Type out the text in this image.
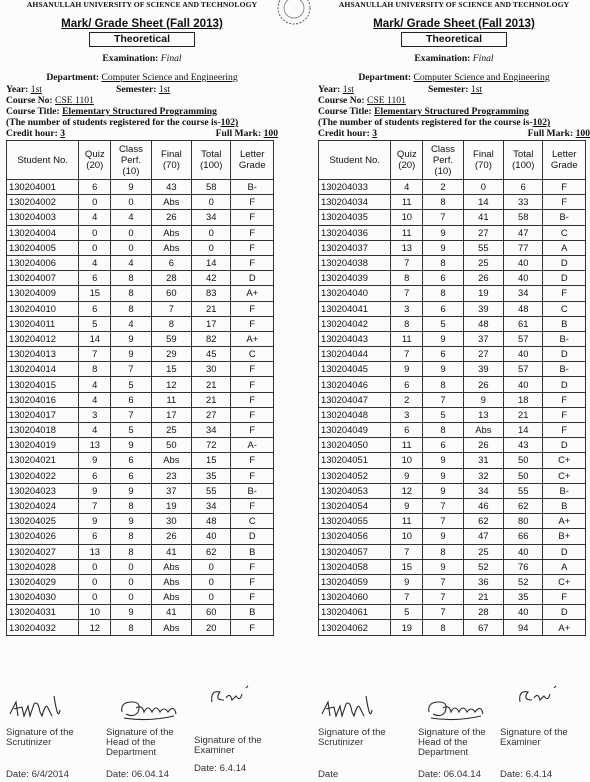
AHSANULLAH UNIVERSITY OF SCIENCE AND TECHNOLOGY
Mark/ Grade Sheet (Fall 2013)
Theoretical
Examination: Final
Department: Computer Science and Engineering
Year: 1st	Semester: 1st
Course No: CSE 1101
Course Title: Elementary Structured Programming
(The number of students registered for the course is-102)
Credit hour: 3	Full Mark: 100
Student No.	Quiz (20)	Class Perf. (10)	Final (70)	Total (100)	Letter Grade
130204001	6	9	43	58	B-
130204002	0	0	Abs	0	F
130204003	4	4	26	34	F
130204004	0	0	Abs	0	F
130204005	0	0	Abs	0	F
130204006	4	4	6	14	F
130204007	6	8	28	42	D
130204009	15	8	60	83	A+
130204010	6	8	7	21	F
130204011	5	4	8	17	F
130204012	14	9	59	82	A+
130204013	7	9	29	45	C
130204014	8	7	15	30	F
130204015	4	5	12	21	F
130204016	4	6	11	21	F
130204017	3	7	17	27	F
130204018	4	5	25	34	F
130204019	13	9	50	72	A-
130204021	9	6	Abs	15	F
130204022	6	6	23	35	F
130204023	9	9	37	55	B-
130204024	7	8	19	34	F
130204025	9	9	30	48	C
130204026	6	8	26	40	D
130204027	13	8	41	62	B
130204028	0	0	Abs	0	F
130204029	0	0	Abs	0	F
130204030	0	0	Abs	0	F
130204031	10	9	41	60	B
130204032	12	8	Abs	20	F
AHSANULLAH UNIVERSITY OF SCIENCE AND TECHNOLOGY
Mark/ Grade Sheet (Fall 2013)
Theoretical
Examination: Final
Department: Computer Science and Engineering
Year: 1st	Semester: 1st
Course No: CSE 1101
Course Title: Elementary Structured Programming
(The number of students registered for the course is-102)
Credit hour: 3	Full Mark: 100
Student No.	Quiz (20)	Class Perf. (10)	Final (70)	Total (100)	Letter Grade
130204033	4	2	0	6	F
130204034	11	8	14	33	F
130204035	10	7	41	58	B-
130204036	11	9	27	47	C
130204037	13	9	55	77	A
130204038	7	8	25	40	D
130204039	8	6	26	40	D
130204040	7	8	19	34	F
130204041	3	6	39	48	C
130204042	8	5	48	61	B
130204043	11	9	37	57	B-
130204044	7	6	27	40	D
130204045	9	9	39	57	B-
130204046	6	8	26	40	D
130204047	2	7	9	18	F
130204048	3	5	13	21	F
130204049	6	8	Abs	14	F
130204050	11	6	26	43	D
130204051	10	9	31	50	C+
130204052	9	9	32	50	C+
130204053	12	9	34	55	B-
130204054	9	7	46	62	B
130204055	11	7	62	80	A+
130204056	10	9	47	66	B+
130204057	7	8	25	40	D
130204058	15	9	52	76	A
130204059	9	7	36	52	C+
130204060	7	7	21	35	F
130204061	5	7	28	40	D
130204062	19	8	67	94	A+
Signature of the Scrutinizer
Date: 6/4/2014
Signature of the Head of the Department
Date: 06.04.14
Signature of the Examiner
Date: 6.4.14
Signature of the Scrutinizer
Date
Signature of the Head of the Department
Date: 06.04.14
Signature of the Examiner
Date: 6.4.14
